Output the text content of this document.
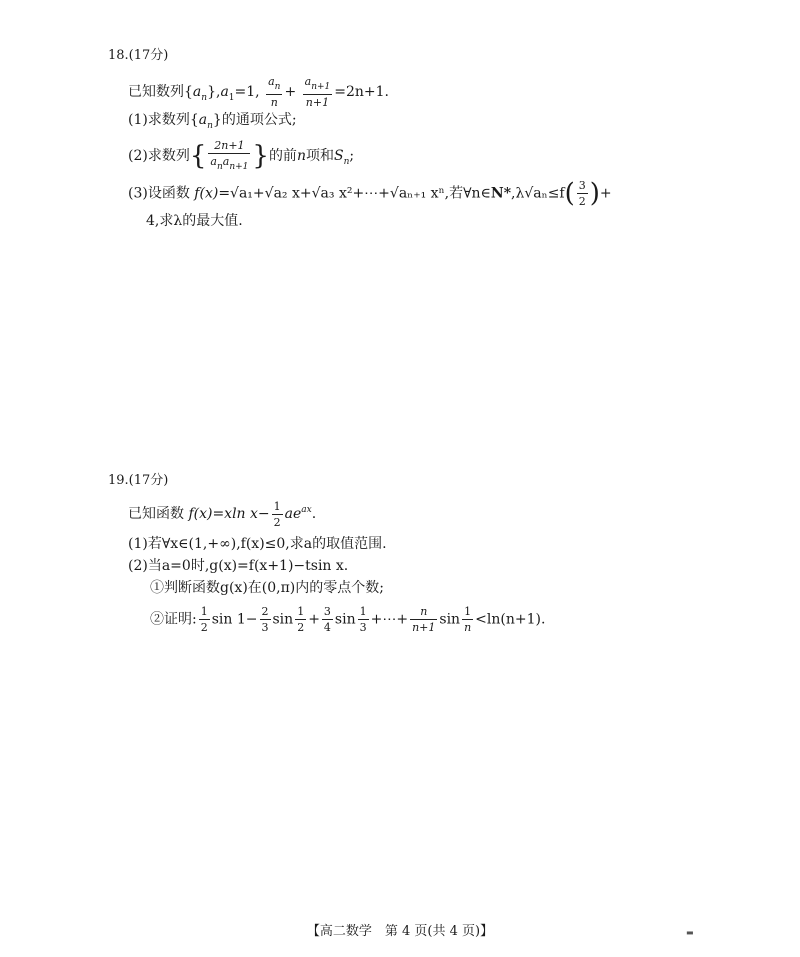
18.(17分)
已知数列$\{a_n\},a_1=1$, $\frac{a_n}{n} + \frac{a_{n+1}}{n+1} =2n+1$.
(1)求数列$\{a_n\}$的通项公式;
(2)求数列{ $\frac{2n+1}{a_na_{n+1}}$ }的前n项和$S_n$;
(3)设函数 f(x)=√a₁+√a₂ x+√a₃ x²+⋯+√aₙ₊₁ xⁿ,若∀n∈N*,λ√aₙ≤f( $\frac{3}{2}$ )+
4,求λ的最大值.
19.(17分)
已知函数 f(x)=xln $x- \frac{1}{2} ae^{ax}$.
(1)若∀x∈(1,+∞),f(x)≤0,求a的取值范围.
(2)当a=0时,g(x)=f(x+1)−tsin x.
①判断函数g(x)在(0,π)内的零点个数;
②证明: $\frac{1}{2}$ $\sin 1- \frac{2}{3}$ $\sin \frac{1}{2} + \frac{3}{4}$ $\sin \frac{1}{3}$ +⋯+ $\frac{n}{n+1}$ $\sin \frac{1}{n} <\ln(n+1)$.
【高二数学　第 4 页(共 4 页)】	▬
